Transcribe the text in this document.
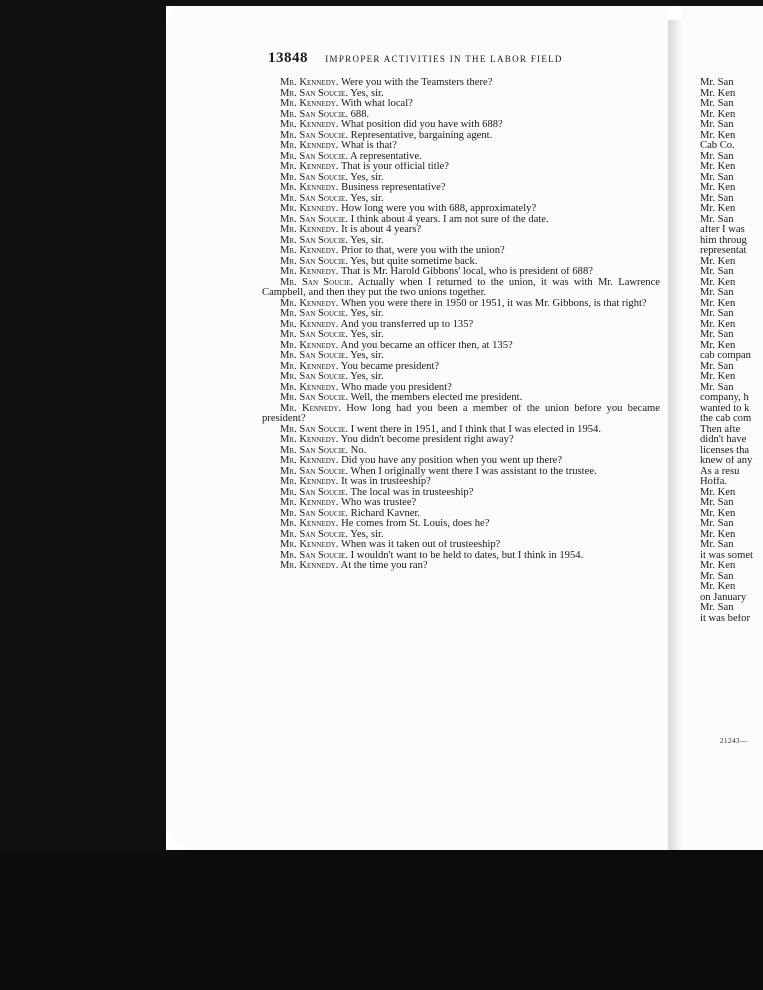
13848 IMPROPER ACTIVITIES IN THE LABOR FIELD

Mr. Kennedy. Were you with the Teamsters there?

Mr. San Soucie. Yes, sir.

Mr. Kennedy. With what local?

Mr. San Soucie. 688.

Mr. Kennedy. What position did you have with 688?

Mr. San Soucie. Representative, bargaining agent.

Mr. Kennedy. What is that?

Mr. San Soucie. A representative.

Mr. Kennedy. That is your official title?

Mr. San Soucie. Yes, sir.

Mr. Kennedy. Business representative?

Mr. San Soucie. Yes, sir.

Mr. Kennedy. How long were you with 688, approximately?

Mr. San Soucie. I think about 4 years. I am not sure of the date.

Mr. Kennedy. It is about 4 years?

Mr. San Soucie. Yes, sir.

Mr. Kennedy. Prior to that, were you with the union?

Mr. San Soucie. Yes, but quite sometime back.

Mr. Kennedy. That is Mr. Harold Gibbons' local, who is president of 688?

Mr. San Soucie. Actually when I returned to the union, it was with Mr. Lawrence Campbell, and then they put the two unions together.

Mr. Kennedy. When you were there in 1950 or 1951, it was Mr. Gibbons, is that right?

Mr. San Soucie. Yes, sir.

Mr. Kennedy. And you transferred up to 135?

Mr. San Soucie. Yes, sir.

Mr. Kennedy. And you became an officer then, at 135?

Mr. San Soucie. Yes, sir.

Mr. Kennedy. You became president?

Mr. San Soucie. Yes, sir.

Mr. Kennedy. Who made you president?

Mr. San Soucie. Well, the members elected me president.

Mr. Kennedy. How long had you been a member of the union before you became president?

Mr. San Soucie. I went there in 1951, and I think that I was elected in 1954.

Mr. Kennedy. You didn't become president right away?

Mr. San Soucie. No.

Mr. Kennedy. Did you have any position when you went up there?

Mr. San Soucie. When I originally went there I was assistant to the trustee.

Mr. Kennedy. It was in trusteeship?

Mr. San Soucie. The local was in trusteeship?

Mr. Kennedy. Who was trustee?

Mr. San Soucie. Richard Kavner.

Mr. Kennedy. He comes from St. Louis, does he?

Mr. San Soucie. Yes, sir.

Mr. Kennedy. When was it taken out of trusteeship?

Mr. San Soucie. I wouldn't want to be held to dates, but I think in 1954.

Mr. Kennedy. At the time you ran?

Mr. San
Mr. Ken
Mr. San
Mr. Ken
Mr. San
Mr. Ken
Cab Co.
Mr. San
Mr. Ken
Mr. San
Mr. Ken
Mr. San
Mr. Ken
Mr. San
after I was
him throug
representat
Mr. Ken
Mr. San
Mr. Ken
Mr. San
Mr. Ken
Mr. San
Mr. Ken
Mr. San
Mr. Ken
cab compan
Mr. San
Mr. Ken
Mr. San
company, h
wanted to k
the cab com
Then afte
didn't have
licenses tha
knew of any
As a resu
Hoffa.
Mr. Ken
Mr. San
Mr. Ken
Mr. San
Mr. Ken
Mr. San
it was somet
Mr. Ken
Mr. San
Mr. Ken
on January
Mr. San
it was befor
21243—
